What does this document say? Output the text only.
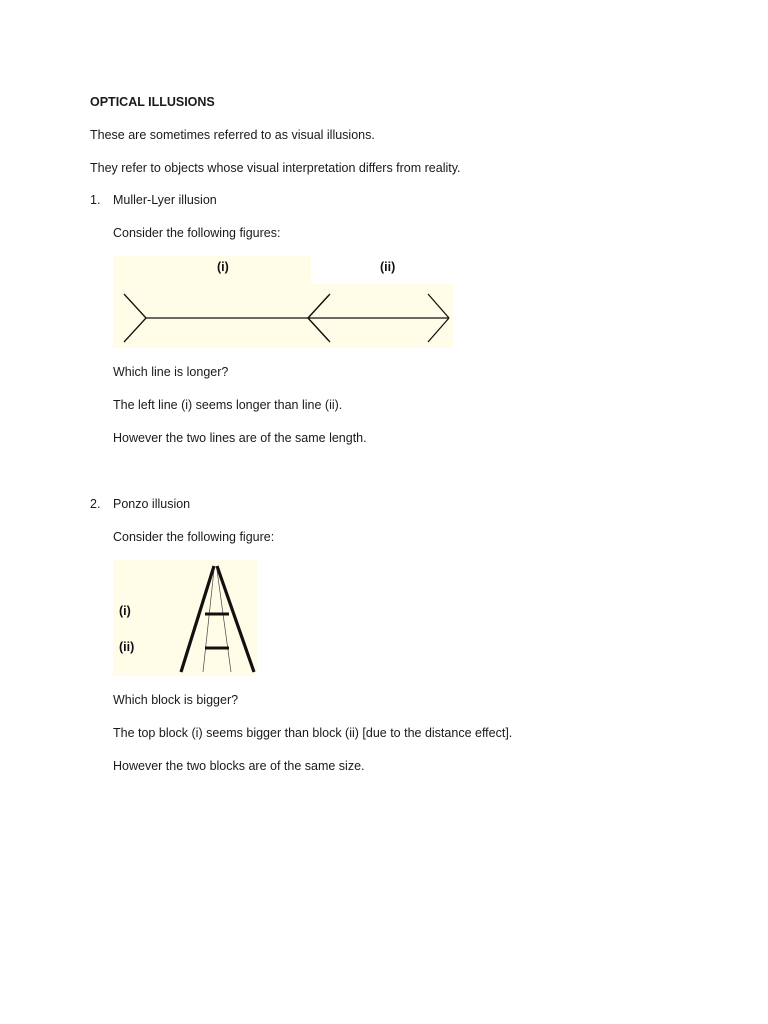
OPTICAL ILLUSIONS
These are sometimes referred to as visual illusions.
They refer to objects whose visual interpretation differs from reality.
1. Muller-Lyer illusion
Consider the following figures:
(i)	(ii)
Which line is longer?
The left line (i) seems longer than line (ii).
However the two lines are of the same length.
2. Ponzo illusion
Consider the following figure:
(i)
(ii)
Which block is bigger?
The top block (i) seems bigger than block (ii) [due to the distance effect].
However the two blocks are of the same size.
